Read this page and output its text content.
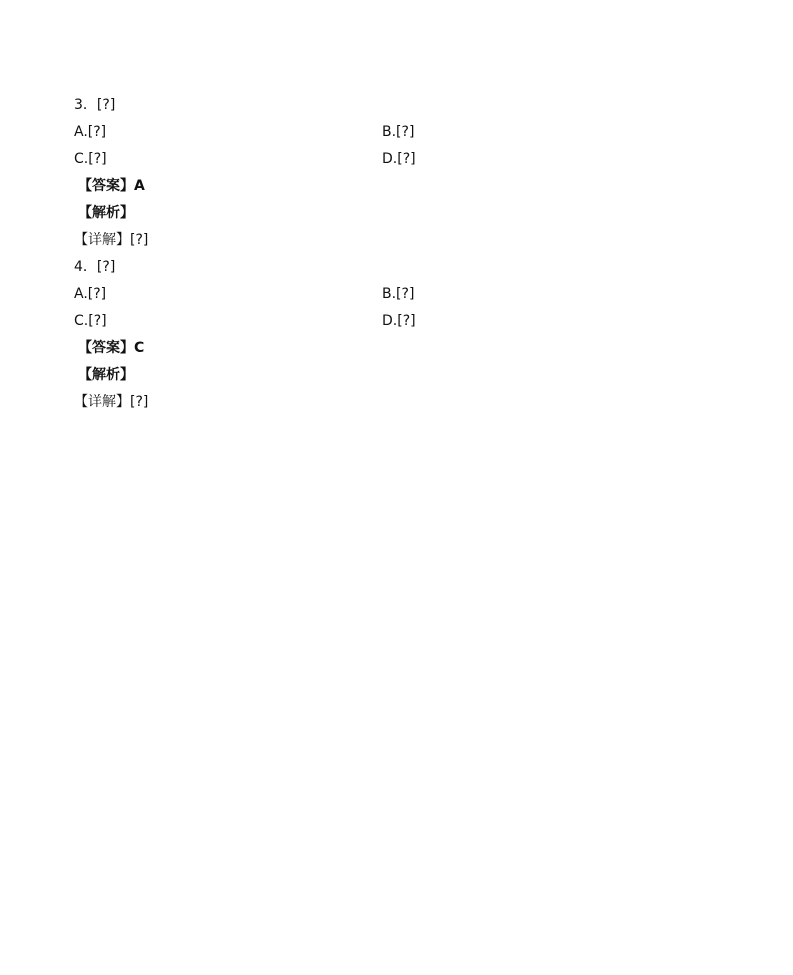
3．[?]

A.[?]	B.[?]

C.[?]	D.[?]

【答案】A

【解析】

【详解】[?]

4．[?]

A.[?]	B.[?]

C.[?]	D.[?]

【答案】C

【解析】

【详解】[?]
